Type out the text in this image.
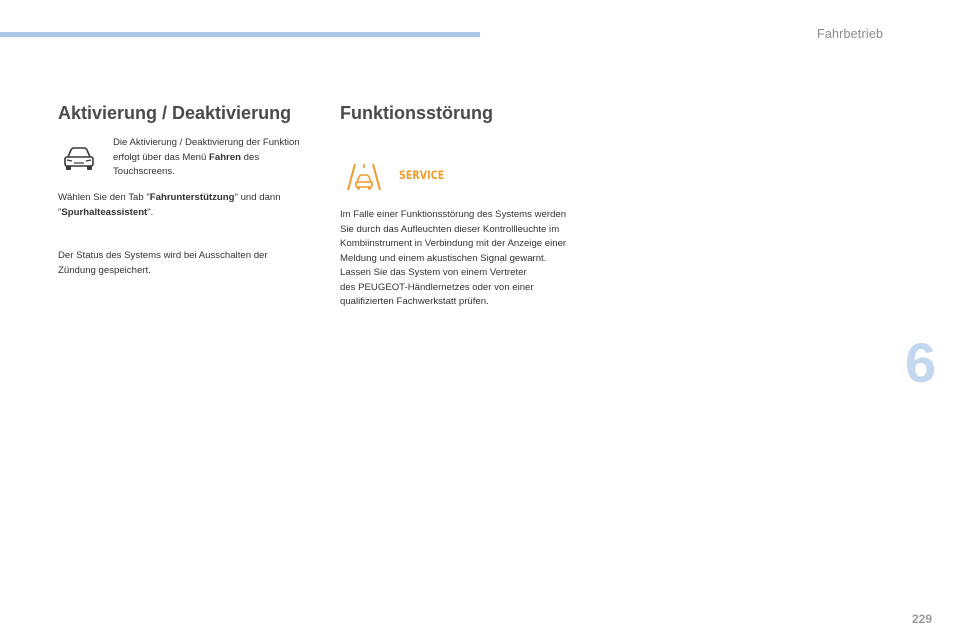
Fahrbetrieb
Aktivierung / Deaktivierung
Die Aktivierung / Deaktivierung der Funktion erfolgt über das Menü Fahren des Touchscreens.
Wählen Sie den Tab "Fahrunterstützung" und dann "Spurhalteassistent".
Der Status des Systems wird bei Ausschalten der Zündung gespeichert.
Funktionsstörung
SERVICE
Im Falle einer Funktionsstörung des Systems werden
Sie durch das Aufleuchten dieser Kontrollleuchte im
Kombiinstrument in Verbindung mit der Anzeige einer
Meldung und einem akustischen Signal gewarnt.
Lassen Sie das System von einem Vertreter
des PEUGEOT-Händlernetzes oder von einer
qualifizierten Fachwerkstatt prüfen.
6
229
